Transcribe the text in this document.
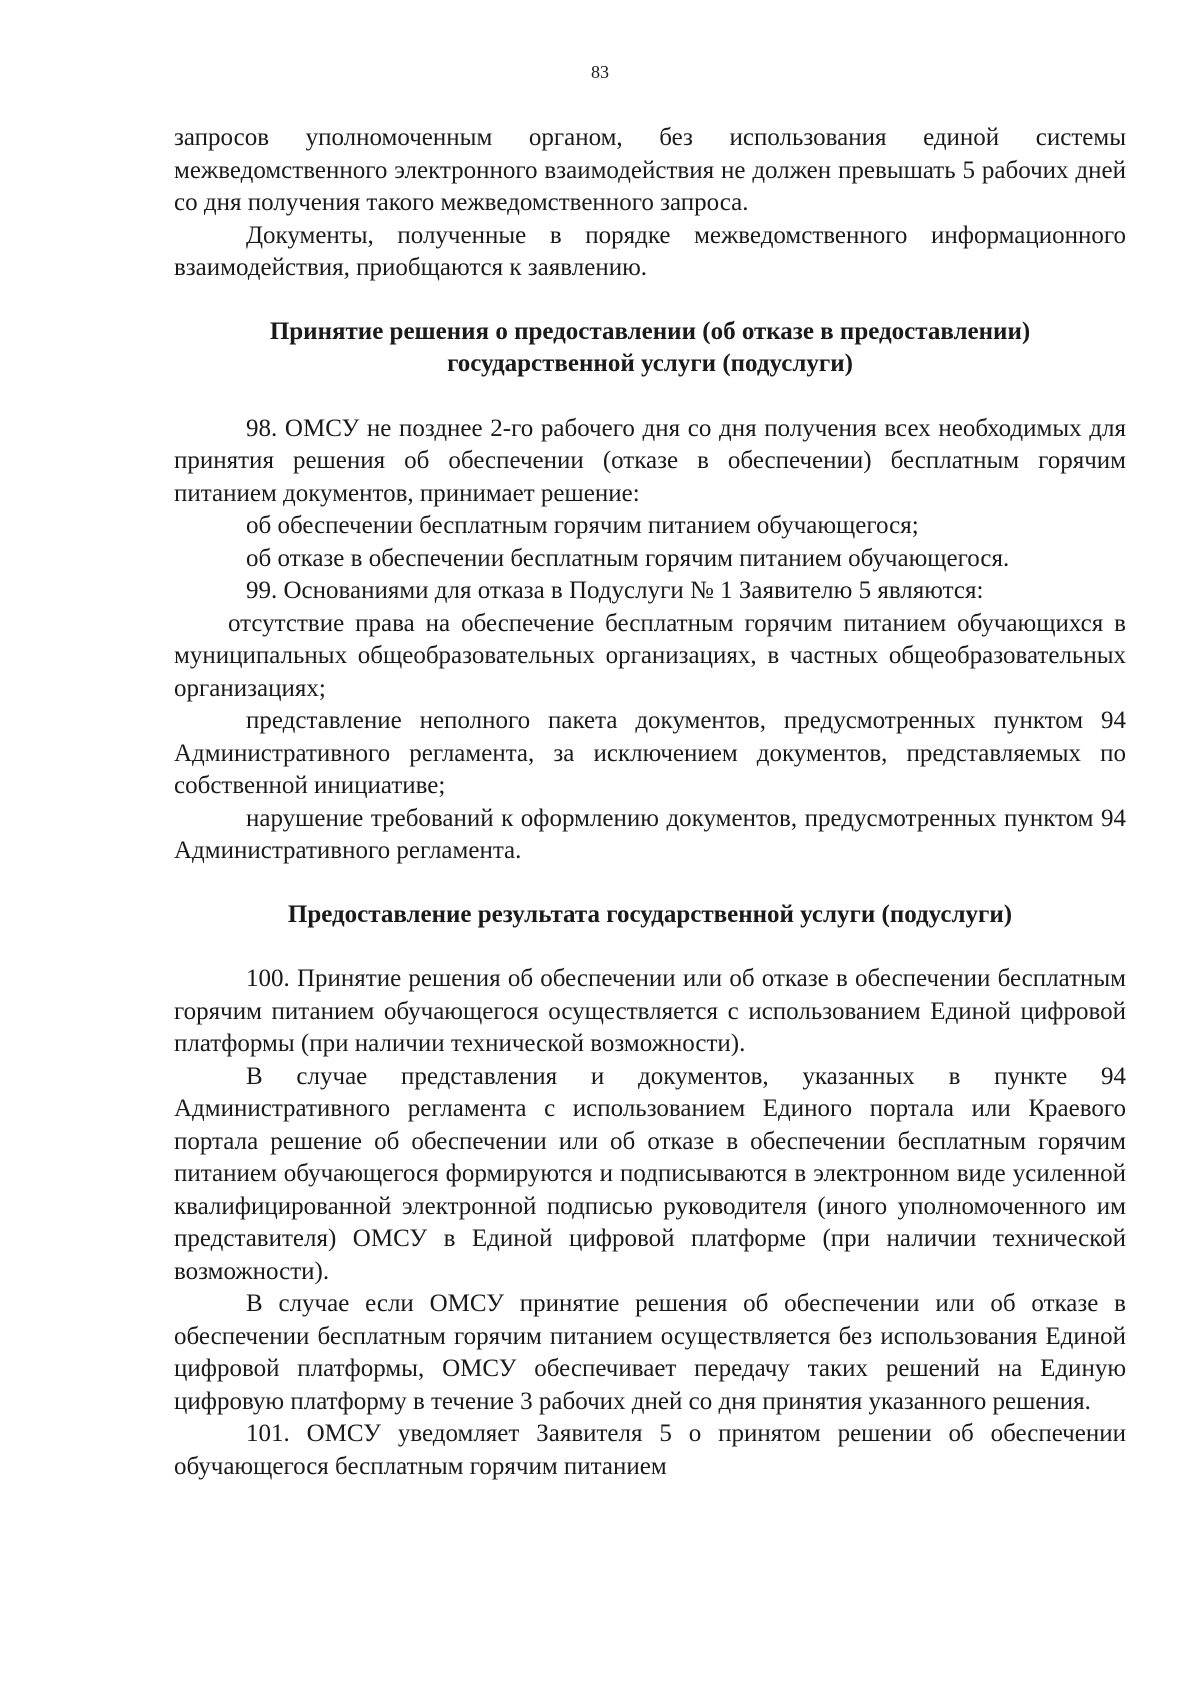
83

запросов уполномоченным органом, без использования единой системы межведомственного электронного взаимодействия не должен превышать 5 рабочих дней со дня получения такого межведомственного запроса.

Документы, полученные в порядке межведомственного информационного взаимодействия, приобщаются к заявлению.

Принятие решения о предоставлении (об отказе в предоставлении)

государственной услуги (подуслуги)

98. ОМСУ не позднее 2-го рабочего дня со дня получения всех необходимых для принятия решения об обеспечении (отказе в обеспечении) бесплатным горячим питанием документов, принимает решение:

об обеспечении бесплатным горячим питанием обучающегося;

об отказе в обеспечении бесплатным горячим питанием обучающегося.

99. Основаниями для отказа в Подуслуги № 1 Заявителю 5 являются:

отсутствие права на обеспечение бесплатным горячим питанием обучающихся в муниципальных общеобразовательных организациях, в частных общеобразовательных организациях;

представление неполного пакета документов, предусмотренных пунктом 94 Административного регламента, за исключением документов, представляемых по собственной инициативе;

нарушение требований к оформлению документов, предусмотренных пунктом 94 Административного регламента.

Предоставление результата государственной услуги (подуслуги)

100. Принятие решения об обеспечении или об отказе в обеспечении бесплатным горячим питанием обучающегося осуществляется с использованием Единой цифровой платформы (при наличии технической возможности).

В случае представления и документов, указанных в пункте 94 Административного регламента с использованием Единого портала или Краевого портала решение об обеспечении или об отказе в обеспечении бесплатным горячим питанием обучающегося формируются и подписываются в электронном виде усиленной квалифицированной электронной подписью руководителя (иного уполномоченного им представителя) ОМСУ в Единой цифровой платформе (при наличии технической возможности).

В случае если ОМСУ принятие решения об обеспечении или об отказе в обеспечении бесплатным горячим питанием осуществляется без использования Единой цифровой платформы, ОМСУ обеспечивает передачу таких решений на Единую цифровую платформу в течение 3 рабочих дней со дня принятия указанного решения.

101. ОМСУ уведомляет Заявителя 5 о принятом решении об обеспечении обучающегося бесплатным горячим питанием
